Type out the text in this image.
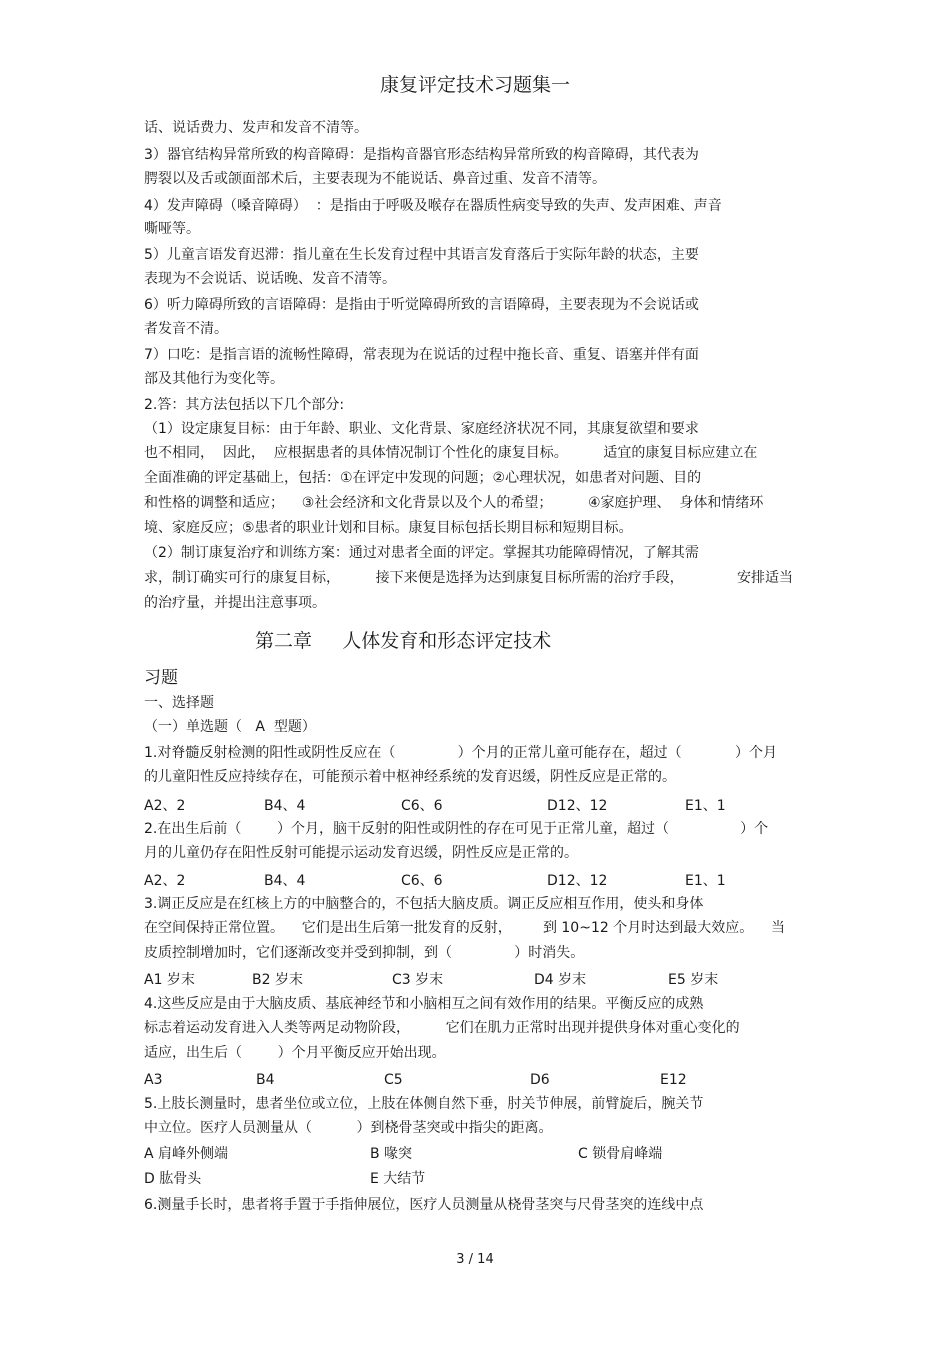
康复评定技术习题集一
话、说话费力、发声和发音不清等。
3）器官结构异常所致的构音障碍：是指构音器官形态结构异常所致的构音障碍，其代表为
腭裂以及舌或颌面部术后，主要表现为不能说话、鼻音过重、发音不清等。
4）发声障碍（嗓音障碍）  ：是指由于呼吸及喉存在器质性病变导致的失声、发声困难、声音
嘶哑等。
5）儿童言语发育迟滞：指儿童在生长发育过程中其语言发育落后于实际年龄的状态，主要
表现为不会说话、说话晚、发音不清等。
6）听力障碍所致的言语障碍：是指由于听觉障碍所致的言语障碍，主要表现为不会说话或
者发音不清。
7）口吃：是指言语的流畅性障碍，常表现为在说话的过程中拖长音、重复、语塞并伴有面
部及其他行为变化等。
2.答：其方法包括以下几个部分:
（1）设定康复目标：由于年龄、职业、文化背景、家庭经济状况不同，其康复欲望和要求
也不相同，  因此，  应根据患者的具体情况制订个性化的康复目标。        适宜的康复目标应建立在
全面准确的评定基础上，包括：①在评定中发现的问题；②心理状况，如患者对问题、目的
和性格的调整和适应；    ③社会经济和文化背景以及个人的希望；        ④家庭护理、  身体和情绪环
境、家庭反应；⑤患者的职业计划和目标。康复目标包括长期目标和短期目标。
（2）制订康复治疗和训练方案：通过对患者全面的评定。掌握其功能障碍情况，了解其需
求，制订确实可行的康复目标，        接下来便是选择为达到康复目标所需的治疗手段，            安排适当
的治疗量，并提出注意事项。
第二章     人体发育和形态评定技术
习题
一、选择题
（一）单选题（   A  型题）
1.对脊髓反射检测的阳性或阴性反应在（              ）个月的正常儿童可能存在，超过（            ）个月
的儿童阳性反应持续存在，可能预示着中枢神经系统的发育迟缓，阴性反应是正常的。
A2、2	B4、4	C6、6	D12、12	E1、1
2.在出生后前（        ）个月，脑干反射的阳性或阴性的存在可见于正常儿童，超过（                ）个
月的儿童仍存在阳性反射可能提示运动发育迟缓，阴性反应是正常的。
A2、2	B4、4	C6、6	D12、12	E1、1
3.调正反应是在红核上方的中脑整合的，不包括大脑皮质。调正反应相互作用，使头和身体
在空间保持正常位置。    它们是出生后第一批发育的反射，       到 10~12 个月时达到最大效应。    当
皮质控制增加时，它们逐渐改变并受到抑制，到（              ）时消失。
A1 岁末	B2 岁末	C3 岁末	D4 岁末	E5 岁末
4.这些反应是由于大脑皮质、基底神经节和小脑相互之间有效作用的结果。平衡反应的成熟
标志着运动发育进入人类等两足动物阶段，        它们在肌力正常时出现并提供身体对重心变化的
适应，出生后（        ）个月平衡反应开始出现。
A3	B4	C5	D6	E12
5.上肢长测量时，患者坐位或立位，上肢在体侧自然下垂，肘关节伸展，前臂旋后，腕关节
中立位。医疗人员测量从（          ）到桡骨茎突或中指尖的距离。
A 肩峰外侧端	B 喙突	C 锁骨肩峰端
D 肱骨头	E 大结节
6.测量手长时，患者将手置于手指伸展位，医疗人员测量从桡骨茎突与尺骨茎突的连线中点
3 / 14
